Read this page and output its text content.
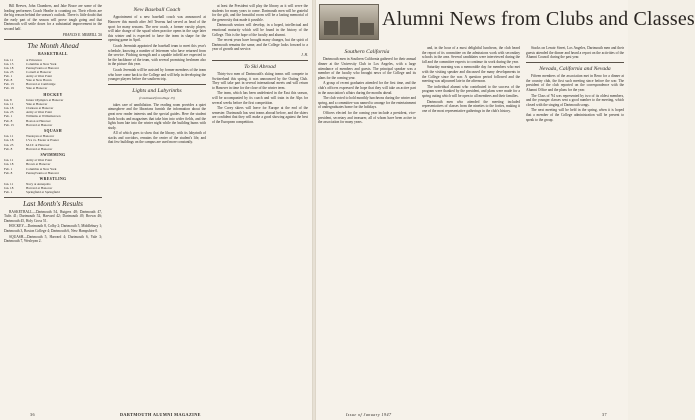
Bill Reeves, John Chambers, and Jake Bruce are some of the leading performers Coach Heathe is counting on. Their efforts are the big reason behind the season's outlook. There is little doubt that the early part of the season will prove tough going and that Dartmouth will settle down for a substantial improvement in the second half.

FRANCIS E. MERRILL '26
The Month Ahead
BASKETBALL
Jan. 11	at Princeton
Jan. 15	Columbia at New York
Jan. 18	Pennsylvania at Hanover
Jan. 25	Cornell at Hanover
Feb. 1	Army at West Point
Feb. 8	Yale at New Haven
Feb. 15	Harvard at Cambridge
Feb. 19	Yale at Hanover
HOCKEY
Jan. 8	Junior Olympics at Hanover
Jan. 11	Yale at Hanover
Jan. 18	Clarkson at Hanover
Jan. 25	Army at West Point
Feb. 1	Williams at Williamstown
Feb. 8	Boston at Hanover
Feb. 15	Harvard at Hanover
SQUASH
Jan. 11	Wesleyan at Hanover
Jan. 18	J.V.s vs. Exeter at Exeter
Jan. 25	M.I.T. at Hanover
Feb. 8	Harvard at Hanover
SWIMMING
Jan. 11	Army at West Point
Jan. 18	Brown at Hanover
Feb. 1	Columbia at New York
Feb. 8	Pennsylvania at Hanover
WRESTLING
Jan. 11	Navy at Annapolis
Jan. 18	Harvard at Hanover
Feb. 1	Springfield at Springfield
Last Month's Results

BASKETBALL—Dartmouth 54, Rutgers 48; Dartmouth 47, Tufts 41; Dartmouth 52, Harvard 42; Dartmouth 49, Brown 46; Dartmouth 45, Holy Cross 51.

HOCKEY—Dartmouth 8, Colby 2; Dartmouth 5, Middlebury 1; Dartmouth 3, Boston College 4; Dartmouth 6, New Hampshire 0.

SQUASH—Dartmouth 5, Harvard 4; Dartmouth 6, Yale 3; Dartmouth 7, Wesleyan 2.

New Baseball Coach

Appointment of a new baseball coach was announced at Hanover this month after Jeff Tesreau had served as head of the sport for many seasons. The new coach, a former varsity player, will take charge of the squad when practice opens in the cage later this winter and is expected to have the team in shape for the opening game in April.

Coach Jeremiah appointed the baseball team to meet this year's schedule, knowing a number of lettermen who have returned from the service. Pitching strength and a capable infield are expected to be the backbone of the team, with several promising freshmen also in the picture this year.

Coach Jeremiah will be assisted by former members of the team who have come back to the College and will help in developing the younger players before the southern trip.

Lights and Labyrinths
(Continued from Page 15)

takes care of annihilation. The reading room provides a quiet atmosphere and the librarians furnish the information about the great new reader interests and the special guides. Here the student finds books and magazines that take him into wider fields, and the lights burn late into the winter night while the building hums with study.

All of which goes to show that the library, with its labyrinth of stacks and corridors, remains the center of the student's life, and that few buildings on the campus are used more constantly.

at least the President will play the library as it will serve the students for many years to come. Dartmouth men will be grateful for the gift, and the beautiful room will be a lasting memorial of the generosity that made it possible.

Dartmouth seniors will develop, in a hoped, intellectual and emotional maturity which will be found in the history of the College. This is the hope of the faculty and alumni.

The recent years have brought many changes, but the spirit of Dartmouth remains the same, and the College looks forward to a year of growth and service.

J. H.
To Ski Abroad

Thirty-two men of Dartmouth's skiing teams will compete in Switzerland this spring, it was announced by the Outing Club. They will take part in several international meets and will return to Hanover in time for the close of the winter term.

The team, which has been undefeated in the East this season, will be accompanied by its coach and will train in the Alps for several weeks before the first competition.

The Corey skiers will leave for Europe at the end of the semester. Dartmouth has sent teams abroad before, and the skiers are confident that they will make a good showing against the best of the European competition.

36	DARTMOUTH ALUMNI MAGAZINE
Alumni News from Clubs and Classes
Southern California

Dartmouth men in Southern California gathered for their annual dinner at the University Club in Los Angeles, with a large attendance of members and guests. The principal speaker was a member of the faculty who brought news of the College and its plans for the coming year.

A group of recent graduates attended for the first time, and the club's officers expressed the hope that they will take an active part in the association's affairs during the months ahead.

The club voted to hold monthly luncheons during the winter and spring, and a committee was named to arrange for the entertainment of undergraduates home for the holidays.

Officers elected for the coming year include a president, vice-president, secretary and treasurer, all of whom have been active in the association for many years.

and, in the hour of a most delightful luncheon, the club heard the report of its committee on the admissions work with secondary schools in the area. Several candidates were interviewed during the fall and the committee expects to continue its work during the year.

Saturday morning was a memorable day for members who met with the visiting speaker and discussed the many developments in the College since the war. A question period followed and the meeting was adjourned late in the afternoon.

The individual alumni who contributed to the success of the program were thanked by the president, and plans were made for a spring outing which will be open to all members and their families.

Dartmouth men who attended the meeting included representatives of classes from the nineties to the forties, making it one of the most representative gatherings in the club's history.

Stacks on Lenoir Street, Los Angeles, Dartmouth men and their guests attended the dinner and heard a report on the activities of the Alumni Council during the past year.

Nevada, California and Nevada

Fifteen members of the association met in Reno for a dinner at the country club, the first such meeting since before the war. The president of the club reported on the correspondence with the Alumni Office and the plans for the year.

The Class of '94 was represented by two of its oldest members, and the younger classes sent a good number to the meeting, which closed with the singing of Dartmouth songs.

The next meeting will be held in the spring, when it is hoped that a member of the College administration will be present to speak to the group.

Issue of January 1947	37
